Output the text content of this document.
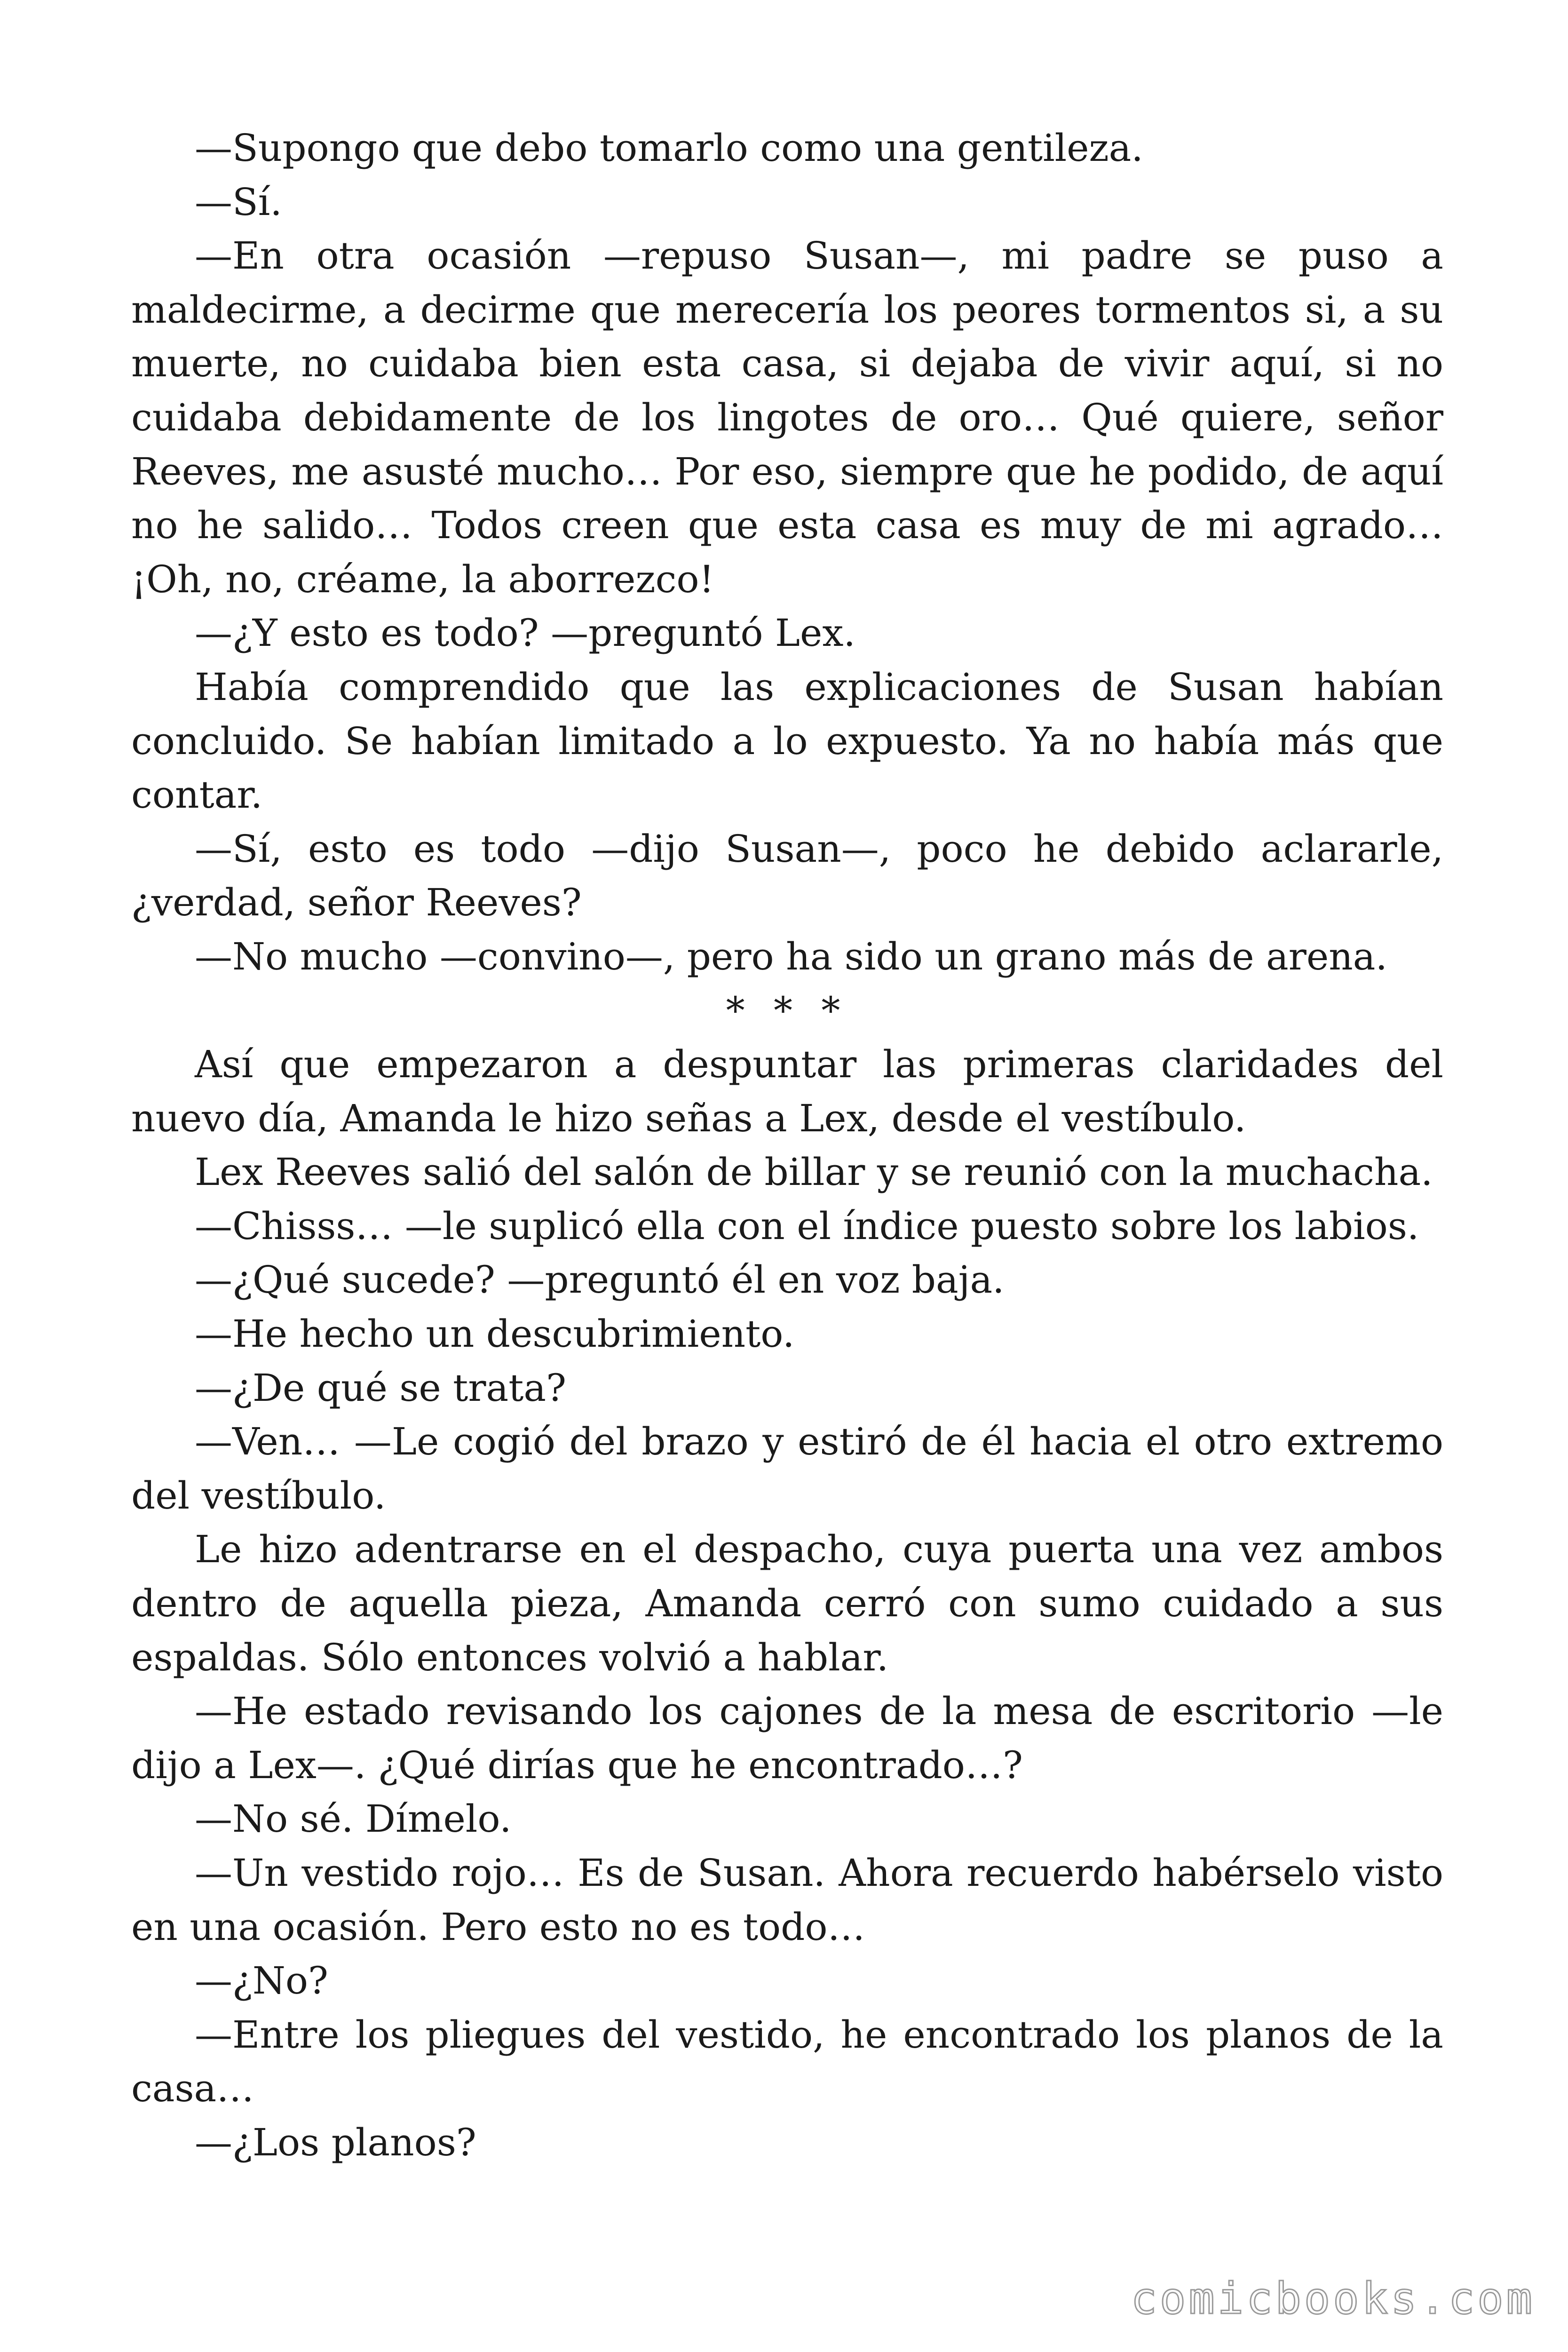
—Supongo que debo tomarlo como una gentileza.

—Sí.

—En otra ocasión —repuso Susan—, mi padre se puso a maldecirme, a decirme que merecería los peores tormentos si, a su muerte, no cuidaba bien esta casa, si dejaba de vivir aquí, si no cuidaba debidamente de los lingotes de oro… Qué quiere, señor Reeves, me asusté mucho… Por eso, siempre que he podido, de aquí no he salido… Todos creen que esta casa es muy de mi agrado… ¡Oh, no, créame, la aborrezco!

—¿Y esto es todo? —preguntó Lex.

Había comprendido que las explicaciones de Susan habían concluido. Se habían limitado a lo expuesto. Ya no había más que contar.

—Sí, esto es todo —dijo Susan—, poco he debido aclararle, ¿verdad, señor Reeves?

—No mucho —convino—, pero ha sido un grano más de arena.

* * *

Así que empezaron a despuntar las primeras claridades del nuevo día, Amanda le hizo señas a Lex, desde el vestíbulo.

Lex Reeves salió del salón de billar y se reunió con la muchacha.

—Chisss… —le suplicó ella con el índice puesto sobre los labios.

—¿Qué sucede? —preguntó él en voz baja.

—He hecho un descubrimiento.

—¿De qué se trata?

—Ven… —Le cogió del brazo y estiró de él hacia el otro extremo del vestíbulo.

Le hizo adentrarse en el despacho, cuya puerta una vez ambos dentro de aquella pieza, Amanda cerró con sumo cuidado a sus espaldas. Sólo entonces volvió a hablar.

—He estado revisando los cajones de la mesa de escritorio —le dijo a Lex—. ¿Qué dirías que he encontrado…?

—No sé. Dímelo.

—Un vestido rojo… Es de Susan. Ahora recuerdo habérselo visto en una ocasión. Pero esto no es todo…

—¿No?

—Entre los pliegues del vestido, he encontrado los planos de la casa…

—¿Los planos?

comicbooks.com
